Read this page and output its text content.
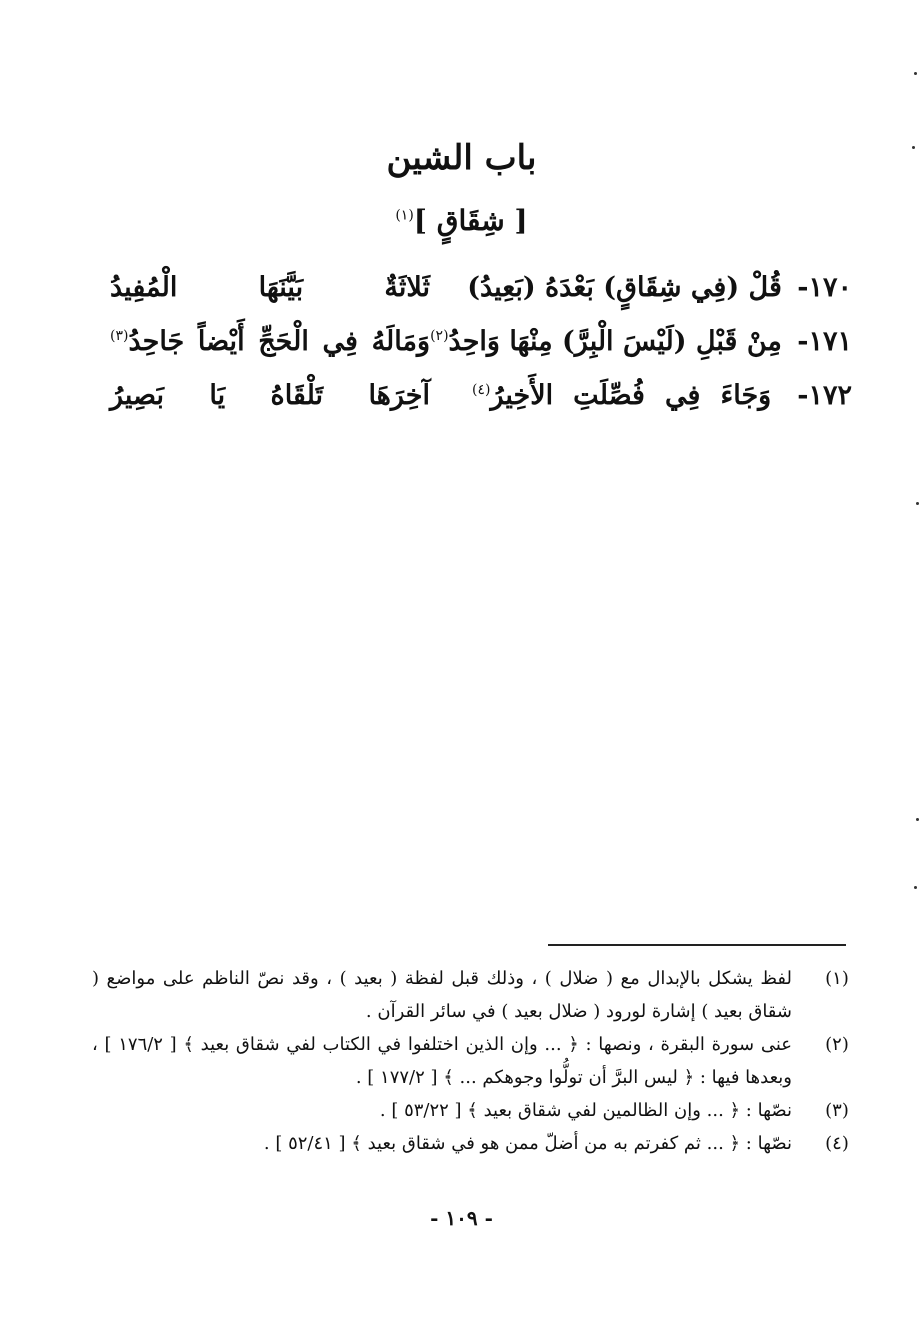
باب الشين
[ شِقَاقٍ ]$^{(١)}$
١٧٠- قُلْ (فِي شِقَاقٍ) بَعْدَهُ (بَعِيدُ)
ثَلاثَةٌ بَيَّنَهَا الْمُفِيدُ
١٧١- مِنْ قَبْلِ (لَيْسَ الْبِرَّ) مِنْهَا وَاحِدُ$^{(٢)}$
وَمَالَهُ فِي الْحَجِّ أَيْضاً جَاحِدُ$^{(٣)}$
١٧٢- وَجَاءَ فِي فُصِّلَتِ الأَخِيرُ$^{(٤)}$
آخِرَهَا تَلْقَاهُ يَا بَصِيرُ
(١)
لفظ يشكل بالإبدال مع ( ضلال ) ، وذلك قبل لفظة ( بعيد ) ، وقد نصّ الناظم على مواضع ( شقاق بعيد ) إشارة لورود ( ضلال بعيد ) في سائر القرآن .
(٢)
عنى سورة البقرة ، ونصها : ﴿ ... وإن الذين اختلفوا في الكتاب لفي شقاق بعيد ﴾ [ ١٧٦/٢ ] ، وبعدها فيها : ﴿ ليس البرَّ أن تولُّوا وجوهكم ... ﴾ [ ١٧٧/٢ ] .
(٣)
نصّها : ﴿ ... وإن الظالمين لفي شقاق بعيد ﴾ [ ٥٣/٢٢ ] .
(٤)
نصّها : ﴿ ... ثم كفرتم به من أضلّ ممن هو في شقاق بعيد ﴾ [ ٥٢/٤١ ] .
- ١٠٩ -
